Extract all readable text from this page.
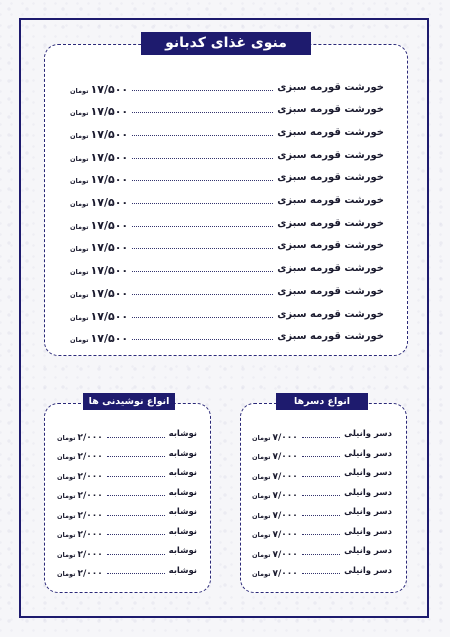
منوی غذای کدبانو
خورشت قورمه سبزی
۱۷/۵۰۰تومان
خورشت قورمه سبزی
۱۷/۵۰۰تومان
خورشت قورمه سبزی
۱۷/۵۰۰تومان
خورشت قورمه سبزی
۱۷/۵۰۰تومان
خورشت قورمه سبزی
۱۷/۵۰۰تومان
خورشت قورمه سبزی
۱۷/۵۰۰تومان
خورشت قورمه سبزی
۱۷/۵۰۰تومان
خورشت قورمه سبزی
۱۷/۵۰۰تومان
خورشت قورمه سبزی
۱۷/۵۰۰تومان
خورشت قورمه سبزی
۱۷/۵۰۰تومان
خورشت قورمه سبزی
۱۷/۵۰۰تومان
خورشت قورمه سبزی
۱۷/۵۰۰تومان
انواع نوشیدنی ها
نوشابه
۲/۰۰۰تومان
نوشابه
۲/۰۰۰تومان
نوشابه
۲/۰۰۰تومان
نوشابه
۲/۰۰۰تومان
نوشابه
۲/۰۰۰تومان
نوشابه
۲/۰۰۰تومان
نوشابه
۲/۰۰۰تومان
نوشابه
۲/۰۰۰تومان
انواع دسرها
دسر وانیلی
۷/۰۰۰تومان
دسر وانیلی
۷/۰۰۰تومان
دسر وانیلی
۷/۰۰۰تومان
دسر وانیلی
۷/۰۰۰تومان
دسر وانیلی
۷/۰۰۰تومان
دسر وانیلی
۷/۰۰۰تومان
دسر وانیلی
۷/۰۰۰تومان
دسر وانیلی
۷/۰۰۰تومان
